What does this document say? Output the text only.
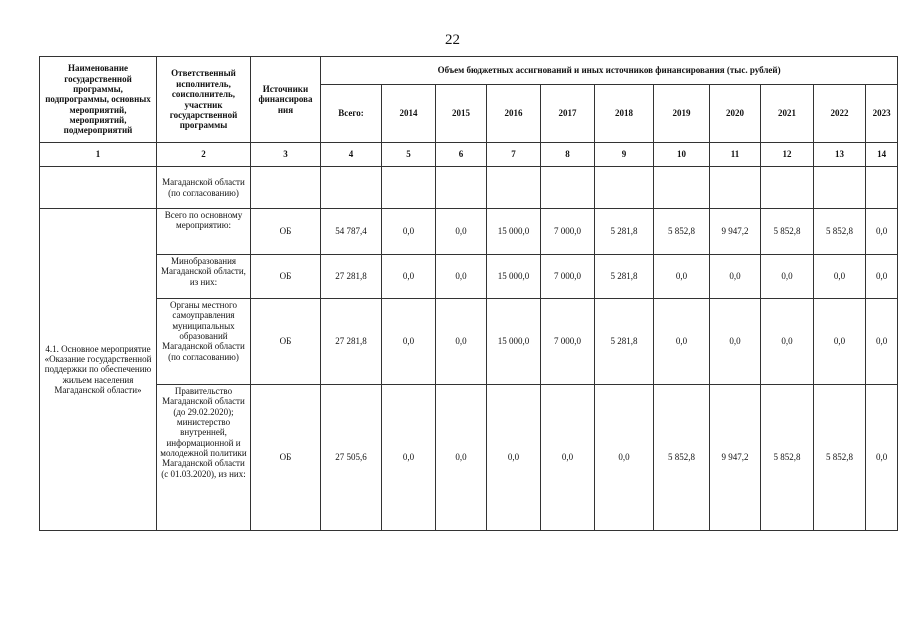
22
Наименование государственной программы, подпрограммы, основных мероприятий, мероприятий, подмероприятий	Ответственный исполнитель, соисполнитель, участник государственной программы	Источники финансирова ния	Объем бюджетных ассигнований и иных источников финансирования (тыс. рублей)										
			Всего:	2014	2015	2016	2017	2018	2019	2020	2021	2022	2023
1	2	3	4	5	6	7	8	9	10	11	12	13	14
	Магаданской области (по согласованию)												
4.1. Основное мероприятие «Оказание государственной поддержки по обеспечению жильем населения Магаданской области»	Всего по основному мероприятию:	ОБ	54 787,4	0,0	0,0	15 000,0	7 000,0	5 281,8	5 852,8	9 947,2	5 852,8	5 852,8	0,0
	Минобразования Магаданской области, из них:	ОБ	27 281,8	0,0	0,0	15 000,0	7 000,0	5 281,8	0,0	0,0	0,0	0,0	0,0
	Органы местного самоуправления муниципальных образований Магаданской области (по согласованию)	ОБ	27 281,8	0,0	0,0	15 000,0	7 000,0	5 281,8	0,0	0,0	0,0	0,0	0,0
	Правительство Магаданской области (до 29.02.2020); министерство внутренней, информационной и молодежной политики Магаданской области (с 01.03.2020), из них:	ОБ	27 505,6	0,0	0,0	0,0	0,0	0,0	5 852,8	9 947,2	5 852,8	5 852,8	0,0
